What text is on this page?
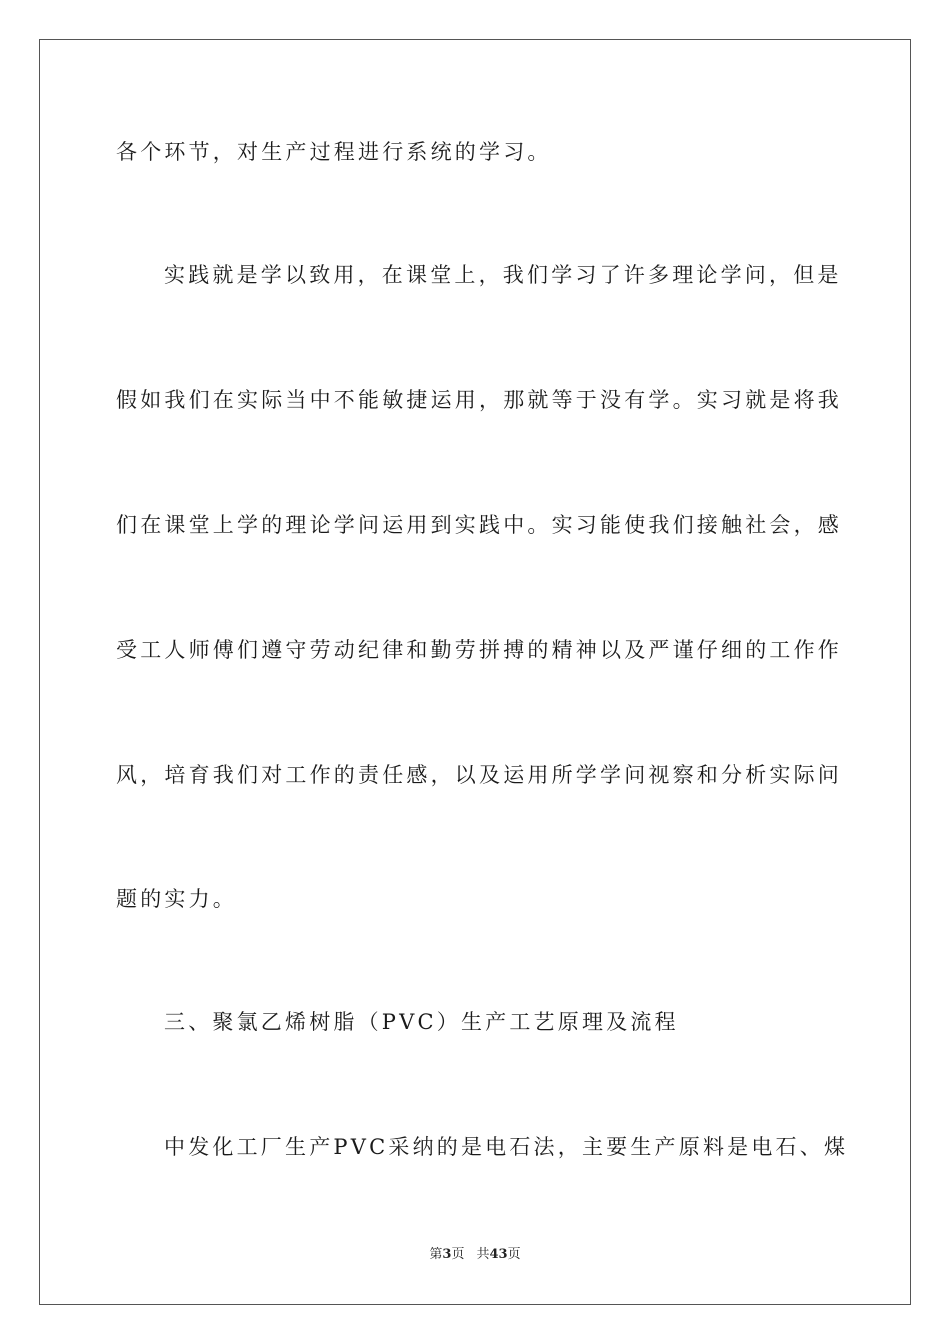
各个环节，对生产过程进行系统的学习。

实践就是学以致用，在课堂上，我们学习了许多理论学问，但是

假如我们在实际当中不能敏捷运用，那就等于没有学。实习就是将我

们在课堂上学的理论学问运用到实践中。实习能使我们接触社会，感

受工人师傅们遵守劳动纪律和勤劳拼搏的精神以及严谨仔细的工作作

风，培育我们对工作的责任感，以及运用所学学问视察和分析实际问

题的实力。

三、聚氯乙烯树脂（PVC）生产工艺原理及流程

中发化工厂生产PVC采纳的是电石法，主要生产原料是电石、煤

第3页 共43页
